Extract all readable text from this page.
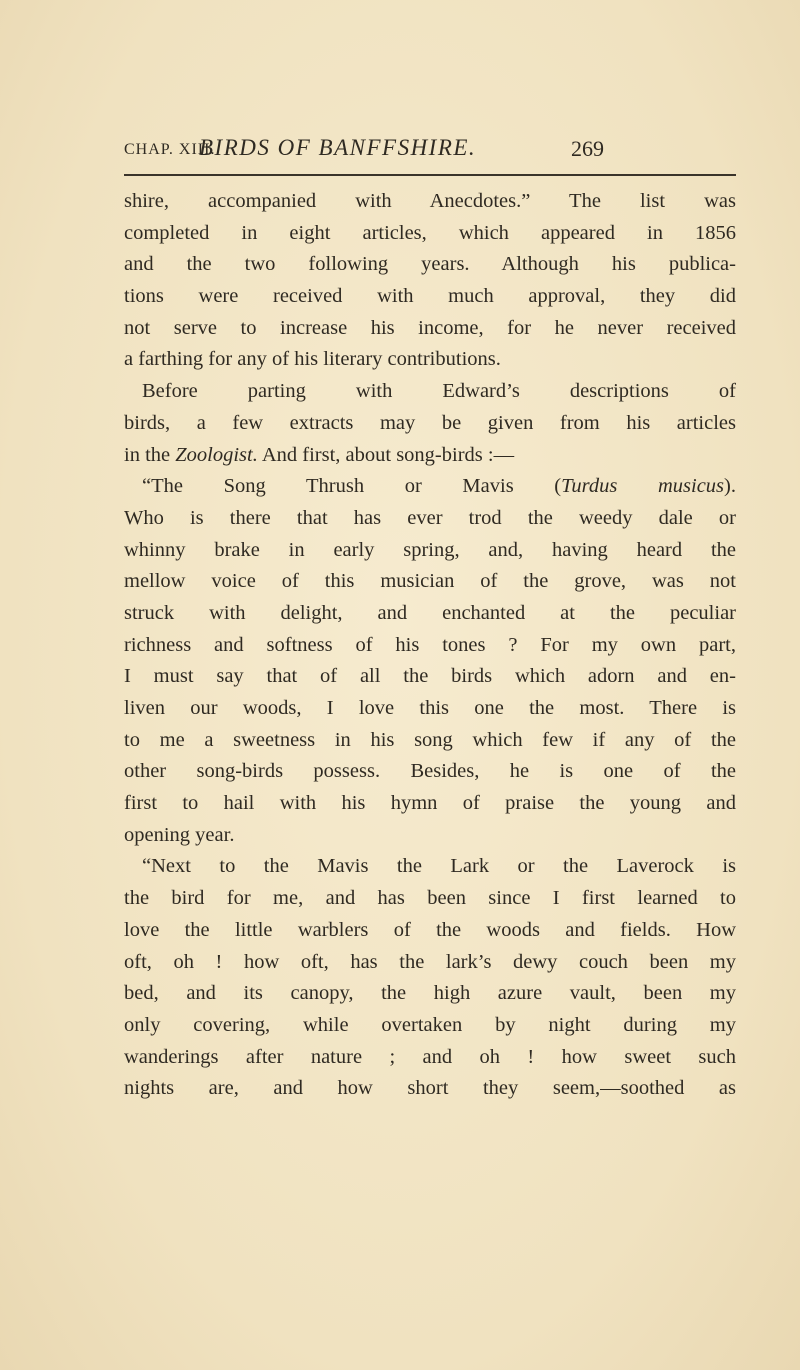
CHAP. XIII.
BIRDS OF BANFFSHIRE.	269
shire, accompanied with Anecdotes.” The list was
completed in eight articles, which appeared in 1856
and the two following years. Although his publica-
tions were received with much approval, they did
not serve to increase his income, for he never received
a farthing for any of his literary contributions.
Before parting with Edward’s descriptions of
birds, a few extracts may be given from his articles
in the Zoologist. And first, about song-birds :—
“The Song Thrush or Mavis (Turdus musicus).
Who is there that has ever trod the weedy dale or
whinny brake in early spring, and, having heard the
mellow voice of this musician of the grove, was not
struck with delight, and enchanted at the peculiar
richness and softness of his tones ? For my own part,
I must say that of all the birds which adorn and en-
liven our woods, I love this one the most. There is
to me a sweetness in his song which few if any of the
other song-birds possess. Besides, he is one of the
first to hail with his hymn of praise the young and
opening year.
“Next to the Mavis the Lark or the Laverock is
the bird for me, and has been since I first learned to
love the little warblers of the woods and fields. How
oft, oh ! how oft, has the lark’s dewy couch been my
bed, and its canopy, the high azure vault, been my
only covering, while overtaken by night during my
wanderings after nature ; and oh ! how sweet such
nights are, and how short they seem,—soothed as
